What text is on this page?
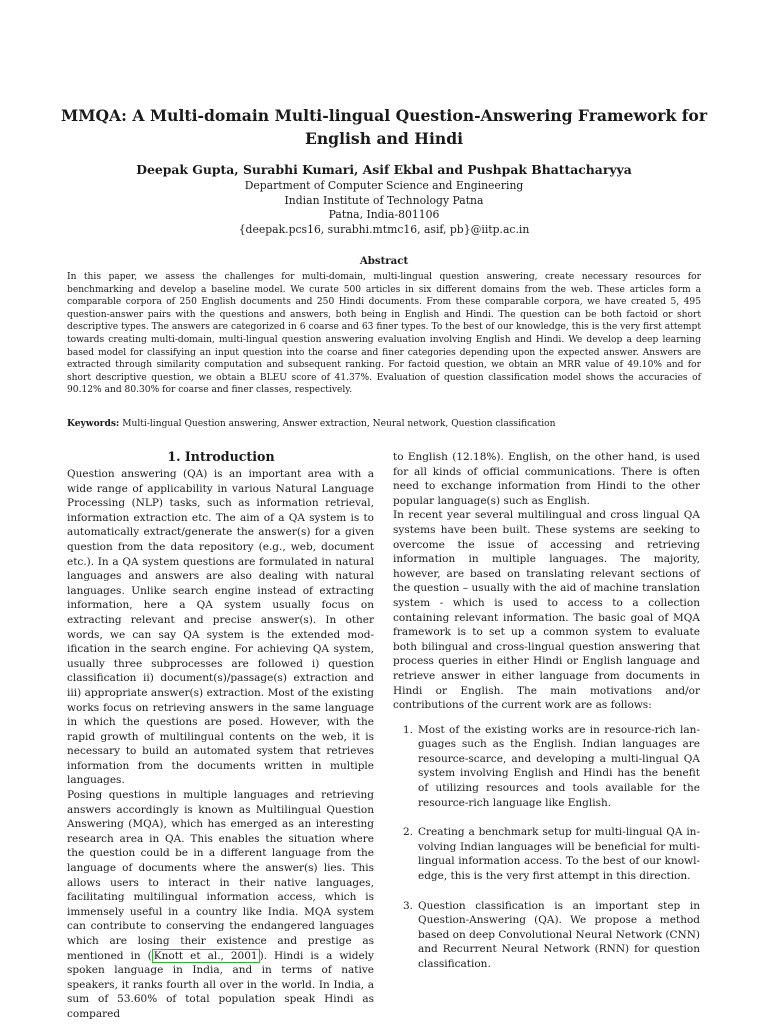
MMQA: A Multi-domain Multi-lingual Question-Answering Framework for
English and Hindi
Deepak Gupta, Surabhi Kumari, Asif Ekbal and Pushpak Bhattacharyya
Department of Computer Science and Engineering
Indian Institute of Technology Patna
Patna, India-801106
{deepak.pcs16, surabhi.mtmc16, asif, pb}@iitp.ac.in
Abstract
In this paper, we assess the challenges for multi-domain, multi-lingual question answering, create necessary resources for benchmarking and develop a baseline model. We curate 500 articles in six different domains from the web. These articles form a comparable corpora of 250 English documents and 250 Hindi documents. From these comparable corpora, we have created 5, 495 question-answer pairs with the questions and answers, both being in English and Hindi. The question can be both factoid or short descriptive types. The answers are categorized in 6 coarse and 63 finer types. To the best of our knowledge, this is the very first attempt towards creating multi-domain, multi-lingual question answering evaluation involving English and Hindi. We develop a deep learning based model for classifying an input question into the coarse and finer categories depending upon the expected answer. Answers are extracted through similarity computation and subsequent ranking. For factoid question, we obtain an MRR value of 49.10% and for short descriptive question, we obtain a BLEU score of 41.37%. Evaluation of question classification model shows the accuracies of 90.12% and 80.30% for coarse and finer classes, respectively.
Keywords: Multi-lingual Question answering, Answer extraction, Neural network, Question classification
1. Introduction

Question answering (QA) is an important area with a wide range of applicability in various Natural Language Processing (NLP) tasks, such as information retrieval, information extraction etc. The aim of a QA system is to automatically extract/generate the answer(s) for a given question from the data repository (e.g., web, document etc.). In a QA system questions are formulated in natural languages and answers are also dealing with natural languages. Unlike search engine instead of extracting information, here a QA system usually focus on extracting relevant and precise answer(s). In other words, we can say QA system is the extended modification in the search engine. For achieving QA system, usually three subprocesses are followed i) question classification ii) document(s)/passage(s) extraction and iii) appropriate answer(s) extraction. Most of the existing works focus on retrieving answers in the same language in which the questions are posed. However, with the rapid growth of multilingual contents on the web, it is necessary to build an automated system that retrieves information from the documents written in multiple languages.

Posing questions in multiple languages and retrieving answers accordingly is known as Multilingual Question Answering (MQA), which has emerged as an interesting research area in QA. This enables the situation where the question could be in a different language from the language of documents where the answer(s) lies. This allows users to interact in their native languages, facilitating multilingual information access, which is immensely useful in a country like India. MQA system can contribute to conserving the endangered languages which are losing their existence and prestige as mentioned in ( Knott et al., 2001 ). Hindi is a widely spoken language in India, and in terms of native speakers, it ranks fourth all over in the world. In India, a sum of 53.60% of total population speak Hindi as compared

to English (12.18%). English, on the other hand, is used for all kinds of official communications. There is often need to exchange information from Hindi to the other popular language(s) such as English.

In recent year several multilingual and cross lingual QA systems have been built. These systems are seeking to overcome the issue of accessing and retrieving information in multiple languages. The majority, however, are based on translating relevant sections of the question – usually with the aid of machine translation system - which is used to access to a collection containing relevant information. The basic goal of MQA framework is to set up a common system to evaluate both bilingual and cross-lingual question answering that process queries in either Hindi or English language and retrieve answer in either language from documents in Hindi or English. The main motivations and/or contributions of the current work are as follows:

1. Most of the existing works are in resource-rich languages such as the English. Indian languages are resource-scarce, and developing a multi-lingual QA system involving English and Hindi has the benefit of utilizing resources and tools available for the resource-rich language like English.
2. Creating a benchmark setup for multi-lingual QA involving Indian languages will be beneficial for multi-lingual information access. To the best of our knowledge, this is the very first attempt in this direction.
3. Question classification is an important step in Question-Answering (QA). We propose a method based on deep Convolutional Neural Network (CNN) and Recurrent Neural Network (RNN) for question classification.
